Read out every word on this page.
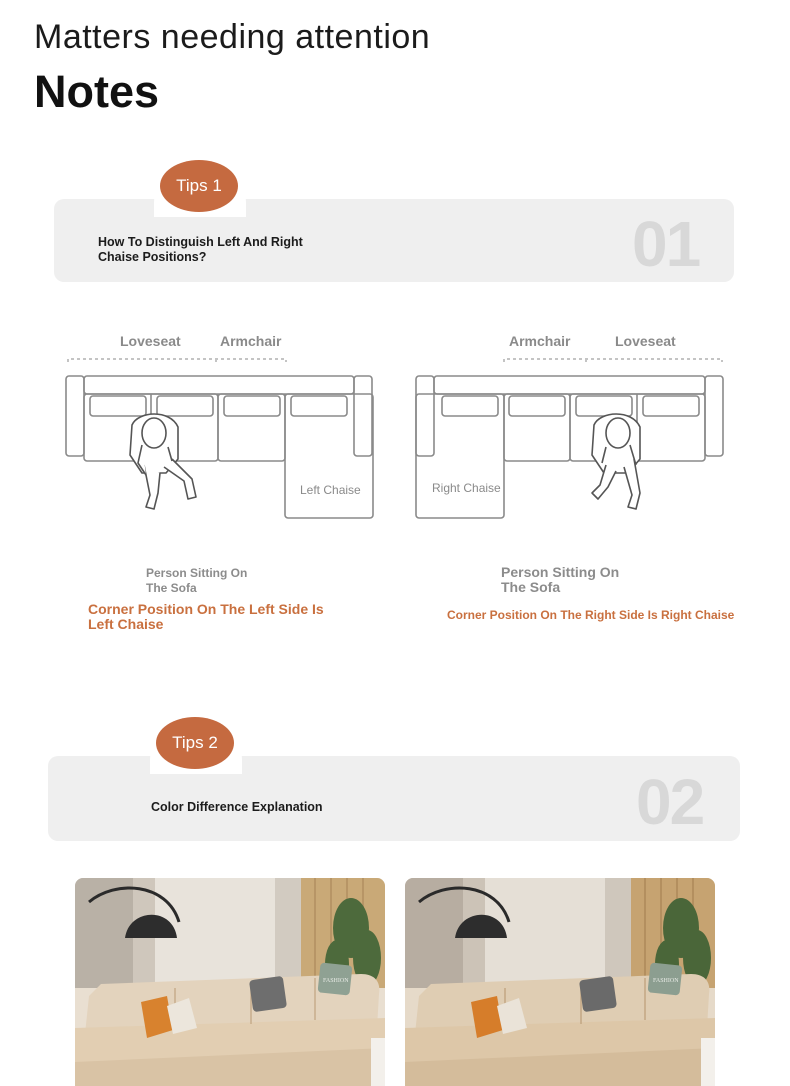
Matters needing attention
Notes
How To Distinguish Left And Right
Chaise Positions?	01
Tips 1
Loveseat	Armchair
Left Chaise
Person Sitting On
The Sofa
Corner Position On The Left Side Is
Left Chaise
Armchair	Loveseat
Right Chaise
Person Sitting On
The Sofa
Corner Position On The Right Side Is Right Chaise
Color Difference Explanation	02
Tips 2
FASHION	FASHION
